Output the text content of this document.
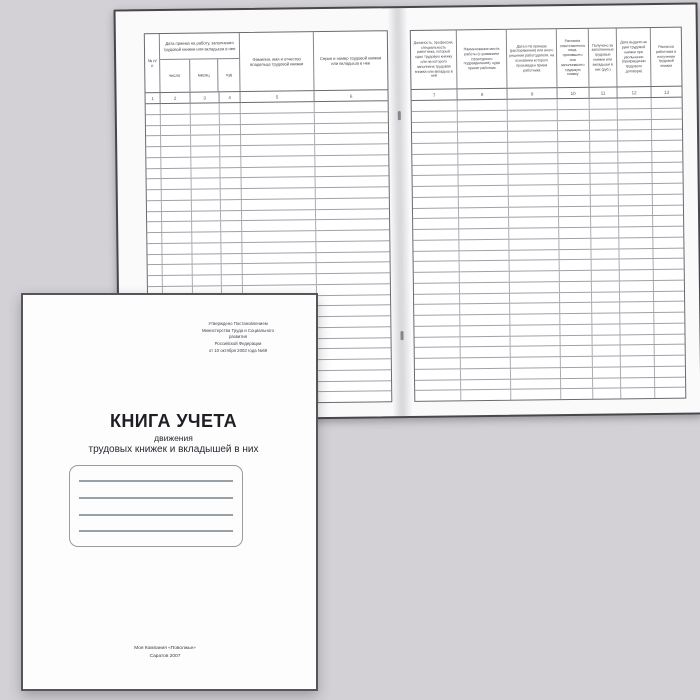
№ п/п
Дата приема на работу, заполнения трудовой книжки или вкладыша в нее
число	месяц	год
Фамилия, имя и отчество владельца трудовой книжки
Серия и номер трудовой книжки или вкладыша в нее
1	2	3	4	5	6
Должность, профессия, специальность работника, который сдал трудовую книжку или на которого заполнена трудовая книжка или вкладыш в ней
Наименование места работы (с указанием структурного подразделения), куда принят работник
Дата и № приказа (распоряжения) или иного решения работодателя, на основании которого произведен прием работника
Расписка ответственного лица, принявшего или заполнившего трудовую книжку
Получено за заполненные трудовые книжки или вкладыши в них (руб.)
Дата выдачи на руки трудовой книжки при увольнении (прекращении трудового договора)
Расписка работника в получении трудовой книжки
7	8	9	10	11	12	13
Утверждено Постановлением
Министерства Труда и Социального развития
Российской Федерации
от 10 октября 2003 года №69
КНИГА УЧЕТА
движения
трудовых книжек и вкладышей в них
Моя Компания «Поволжье»
Саратов 2007
